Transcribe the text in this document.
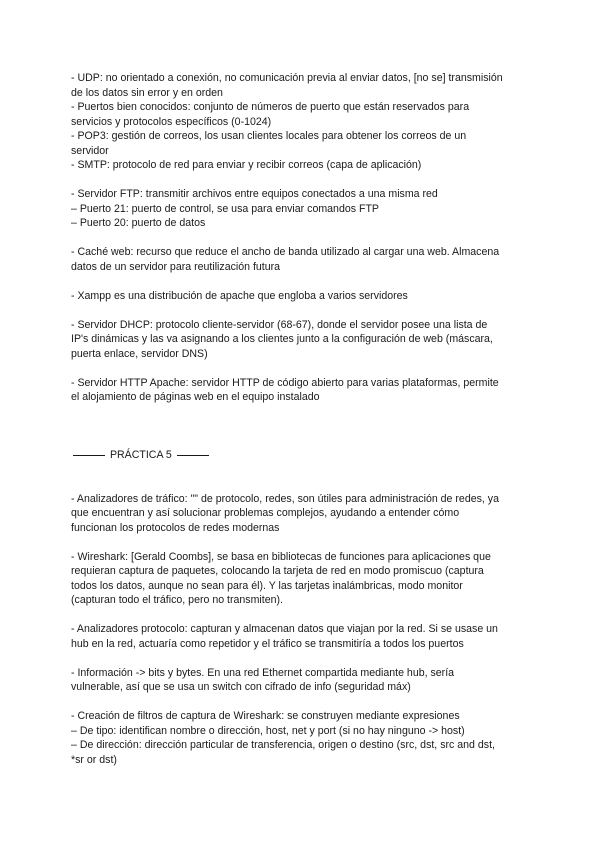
- UDP: no orientado a conexión, no comunicación previa al enviar datos, [no se] transmisión
de los datos sin error y en orden
- Puertos bien conocidos: conjunto de números de puerto que están reservados para
servicios y protocolos específicos (0-1024)
- POP3: gestión de correos, los usan clientes locales para obtener los correos de un
servidor
- SMTP: protocolo de red para enviar y recibir correos (capa de aplicación)
- Servidor FTP: transmitir archivos entre equipos conectados a una misma red
– Puerto 21: puerto de control, se usa para enviar comandos FTP
– Puerto 20: puerto de datos
- Caché web: recurso que reduce el ancho de banda utilizado al cargar una web. Almacena
datos de un servidor para reutilización futura
- Xampp es una distribución de apache que engloba a varios servidores
- Servidor DHCP: protocolo cliente-servidor (68-67), donde el servidor posee una lista de
IP's dinámicas y las va asignando a los clientes junto a la configuración de web (máscara,
puerta enlace, servidor DNS)
- Servidor HTTP Apache: servidor HTTP de código abierto para varias plataformas, permite
el alojamiento de páginas web en el equipo instalado
PRÁCTICA 5
- Analizadores de tráfico: "" de protocolo, redes, son útiles para administración de redes, ya
que encuentran y así solucionar problemas complejos, ayudando a entender cómo
funcionan los protocolos de redes modernas
- Wireshark: [Gerald Coombs], se basa en bibliotecas de funciones para aplicaciones que
requieran captura de paquetes, colocando la tarjeta de red en modo promiscuo (captura
todos los datos, aunque no sean para él). Y las tarjetas inalámbricas, modo monitor
(capturan todo el tráfico, pero no transmiten).
- Analizadores protocolo: capturan y almacenan datos que viajan por la red. Si se usase un
hub en la red, actuaría como repetidor y el tráfico se transmitiría a todos los puertos
- Información -> bits y bytes. En una red Ethernet compartida mediante hub, sería
vulnerable, así que se usa un switch con cifrado de info (seguridad máx)
- Creación de filtros de captura de Wireshark: se construyen mediante expresiones
– De tipo: identifican nombre o dirección, host, net y port (si no hay ninguno -> host)
– De dirección: dirección particular de transferencia, origen o destino (src, dst, src and dst,
*sr or dst)
